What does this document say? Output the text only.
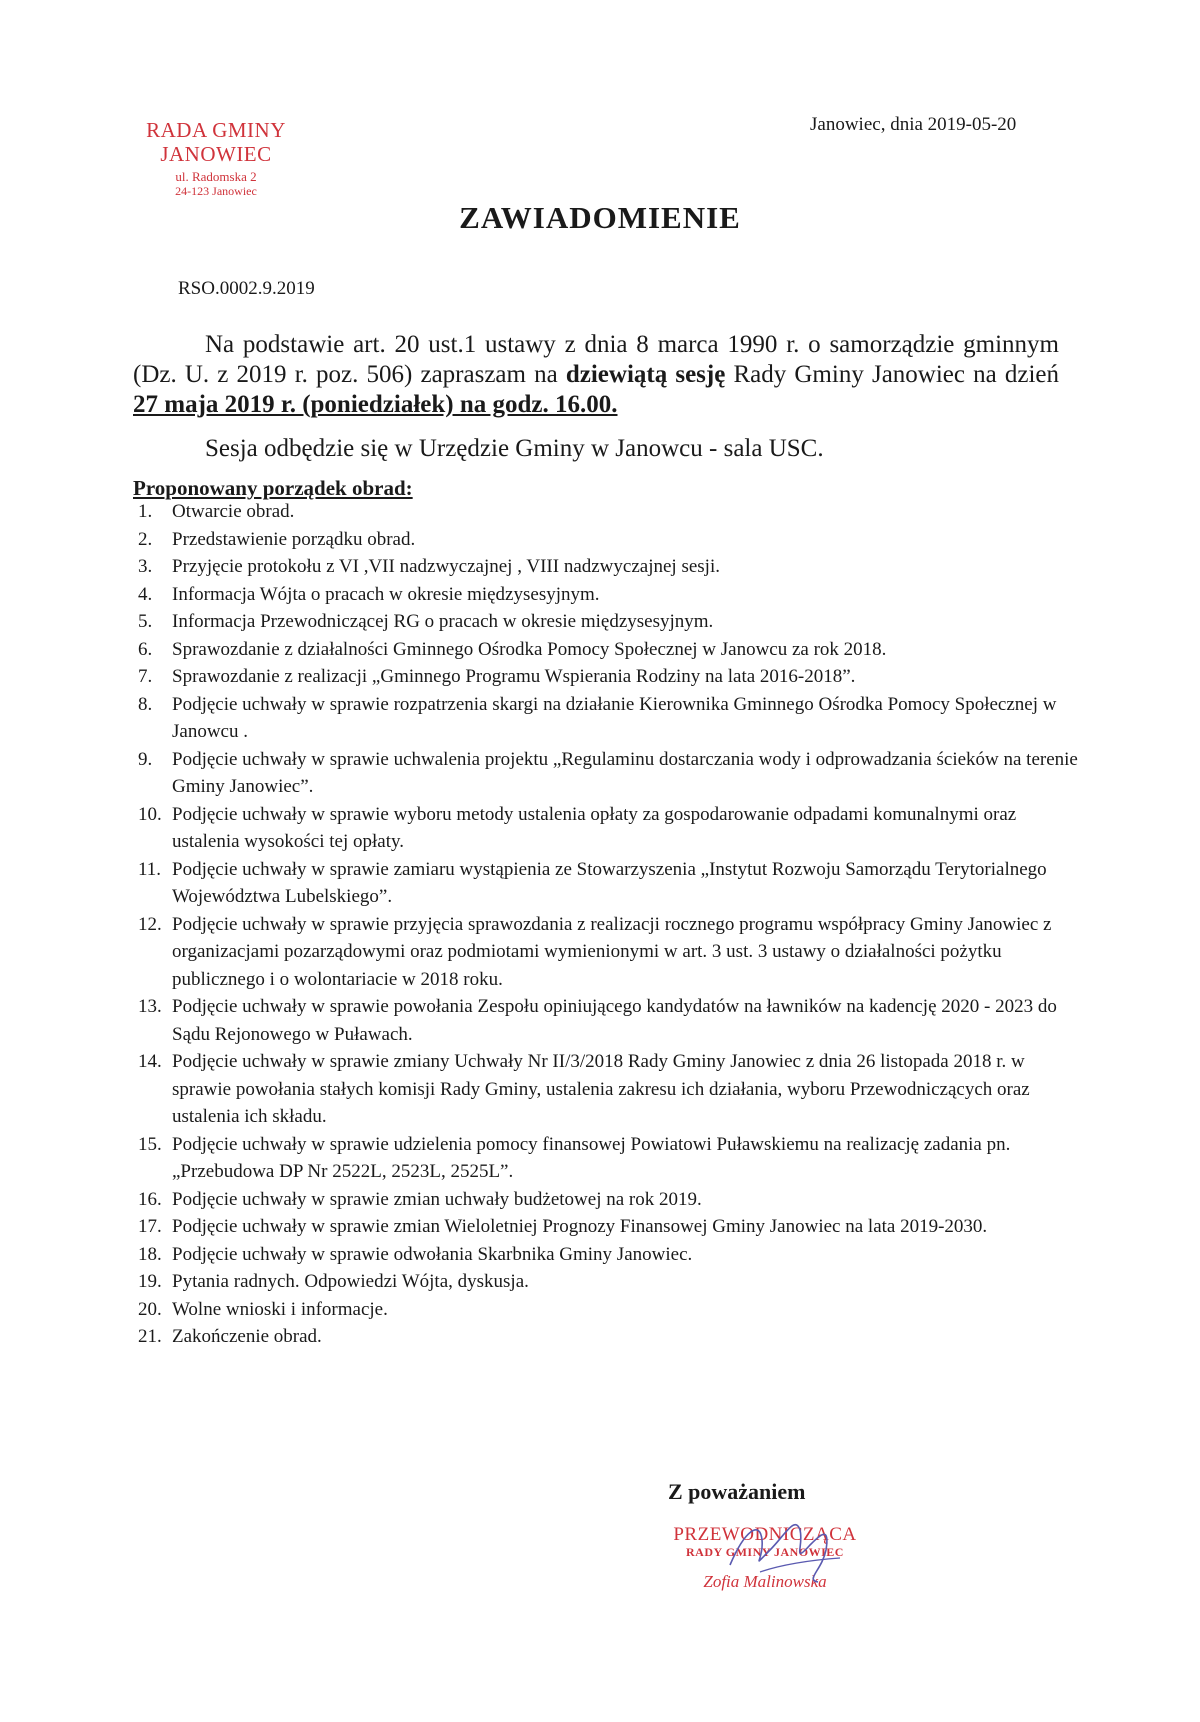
RADA GMINY
JANOWIEC
ul. Radomska 2
24-123 Janowiec
Janowiec, dnia 2019-05-20
ZAWIADOMIENIE
RSO.0002.9.2019
Na podstawie art. 20 ust.1 ustawy z dnia 8 marca 1990 r. o samorządzie gminnym (Dz. U. z 2019 r. poz. 506) zapraszam na dziewiątą sesję Rady Gminy Janowiec na dzień 27 maja 2019 r. (poniedziałek) na godz. 16.00.
Sesja odbędzie się w Urzędzie Gminy w Janowcu - sala USC.
Proponowany porządek obrad:
1.	Otwarcie obrad.
2.	Przedstawienie porządku obrad.
3.	Przyjęcie protokołu z VI ,VII nadzwyczajnej , VIII nadzwyczajnej sesji.
4.	Informacja Wójta o pracach w okresie międzysesyjnym.
5.	Informacja Przewodniczącej RG o pracach w okresie międzysesyjnym.
6.	Sprawozdanie z działalności Gminnego Ośrodka Pomocy Społecznej w Janowcu za rok 2018.
7.	Sprawozdanie z realizacji „Gminnego Programu Wspierania Rodziny na lata 2016-2018”.
8.	Podjęcie uchwały w sprawie rozpatrzenia skargi na działanie Kierownika Gminnego Ośrodka Pomocy Społecznej w Janowcu .
9.	Podjęcie uchwały w sprawie uchwalenia projektu „Regulaminu dostarczania wody i odprowadzania ścieków na terenie Gminy Janowiec”.
10. Podjęcie uchwały w sprawie wyboru metody ustalenia opłaty za gospodarowanie odpadami komunalnymi oraz ustalenia wysokości tej opłaty.
11. Podjęcie uchwały w sprawie zamiaru wystąpienia ze Stowarzyszenia „Instytut Rozwoju Samorządu Terytorialnego Województwa Lubelskiego”.
12. Podjęcie uchwały w sprawie przyjęcia sprawozdania z realizacji rocznego programu współpracy Gminy Janowiec z organizacjami pozarządowymi oraz podmiotami wymienionymi w art. 3 ust. 3 ustawy o działalności pożytku publicznego i o wolontariacie w 2018 roku.
13. Podjęcie uchwały w sprawie powołania Zespołu opiniującego kandydatów na ławników na kadencję 2020 - 2023 do Sądu Rejonowego w Puławach.
14. Podjęcie uchwały w sprawie zmiany Uchwały Nr II/3/2018 Rady Gminy Janowiec z dnia 26 listopada 2018 r. w sprawie powołania stałych komisji Rady Gminy, ustalenia zakresu ich działania, wyboru Przewodniczących oraz ustalenia ich składu.
15. Podjęcie uchwały w sprawie udzielenia pomocy finansowej Powiatowi Puławskiemu na realizację zadania pn. „Przebudowa DP Nr 2522L, 2523L, 2525L”.
16. Podjęcie uchwały w sprawie zmian uchwały budżetowej na rok 2019.
17. Podjęcie uchwały w sprawie zmian Wieloletniej Prognozy Finansowej Gminy Janowiec na lata 2019-2030.
18. Podjęcie uchwały w sprawie odwołania Skarbnika Gminy Janowiec.
19. Pytania radnych. Odpowiedzi Wójta, dyskusja.
20. Wolne wnioski i informacje.
21. Zakończenie obrad.
Z poważaniem
PRZEWODNICZĄCA
RADY GMINY JANOWIEC
Zofia Malinowska
